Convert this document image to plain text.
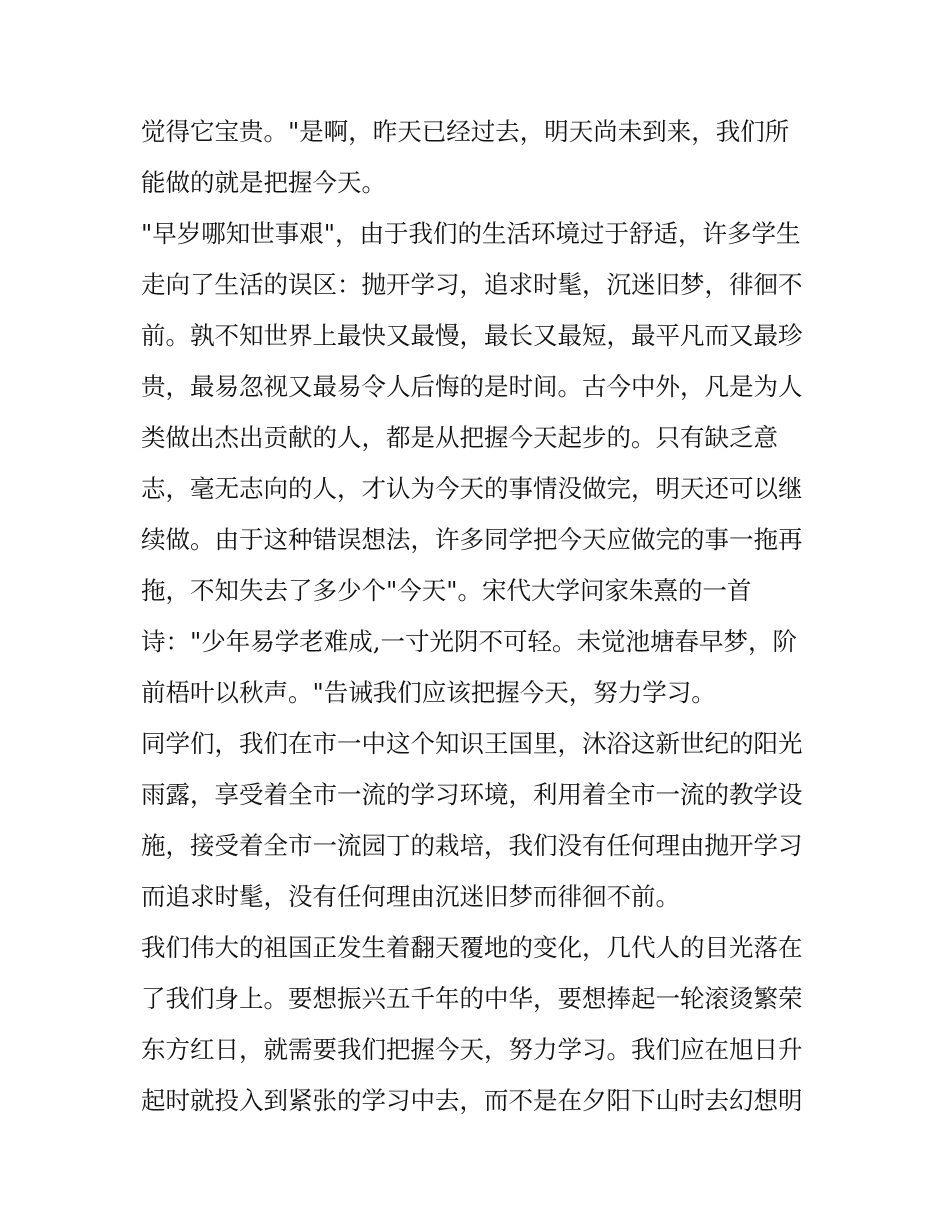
觉得它宝贵。"是啊，昨天已经过去，明天尚未到来，我们所
能做的就是把握今天。
"早岁哪知世事艰"，由于我们的生活环境过于舒适，许多学生
走向了生活的误区：抛开学习，追求时髦，沉迷旧梦，徘徊不
前。孰不知世界上最快又最慢，最长又最短，最平凡而又最珍
贵，最易忽视又最易令人后悔的是时间。古今中外，凡是为人
类做出杰出贡献的人，都是从把握今天起步的。只有缺乏意
志，毫无志向的人，才认为今天的事情没做完，明天还可以继
续做。由于这种错误想法，许多同学把今天应做完的事一拖再
拖，不知失去了多少个"今天"。宋代大学问家朱熹的一首
诗："少年易学老难成,一寸光阴不可轻。未觉池塘春早梦，阶
前梧叶以秋声。"告诫我们应该把握今天，努力学习。
同学们，我们在市一中这个知识王国里，沐浴这新世纪的阳光
雨露，享受着全市一流的学习环境，利用着全市一流的教学设
施，接受着全市一流园丁的栽培，我们没有任何理由抛开学习
而追求时髦，没有任何理由沉迷旧梦而徘徊不前。
我们伟大的祖国正发生着翻天覆地的变化，几代人的目光落在
了我们身上。要想振兴五千年的中华，要想捧起一轮滚烫繁荣
东方红日，就需要我们把握今天，努力学习。我们应在旭日升
起时就投入到紧张的学习中去，而不是在夕阳下山时去幻想明
